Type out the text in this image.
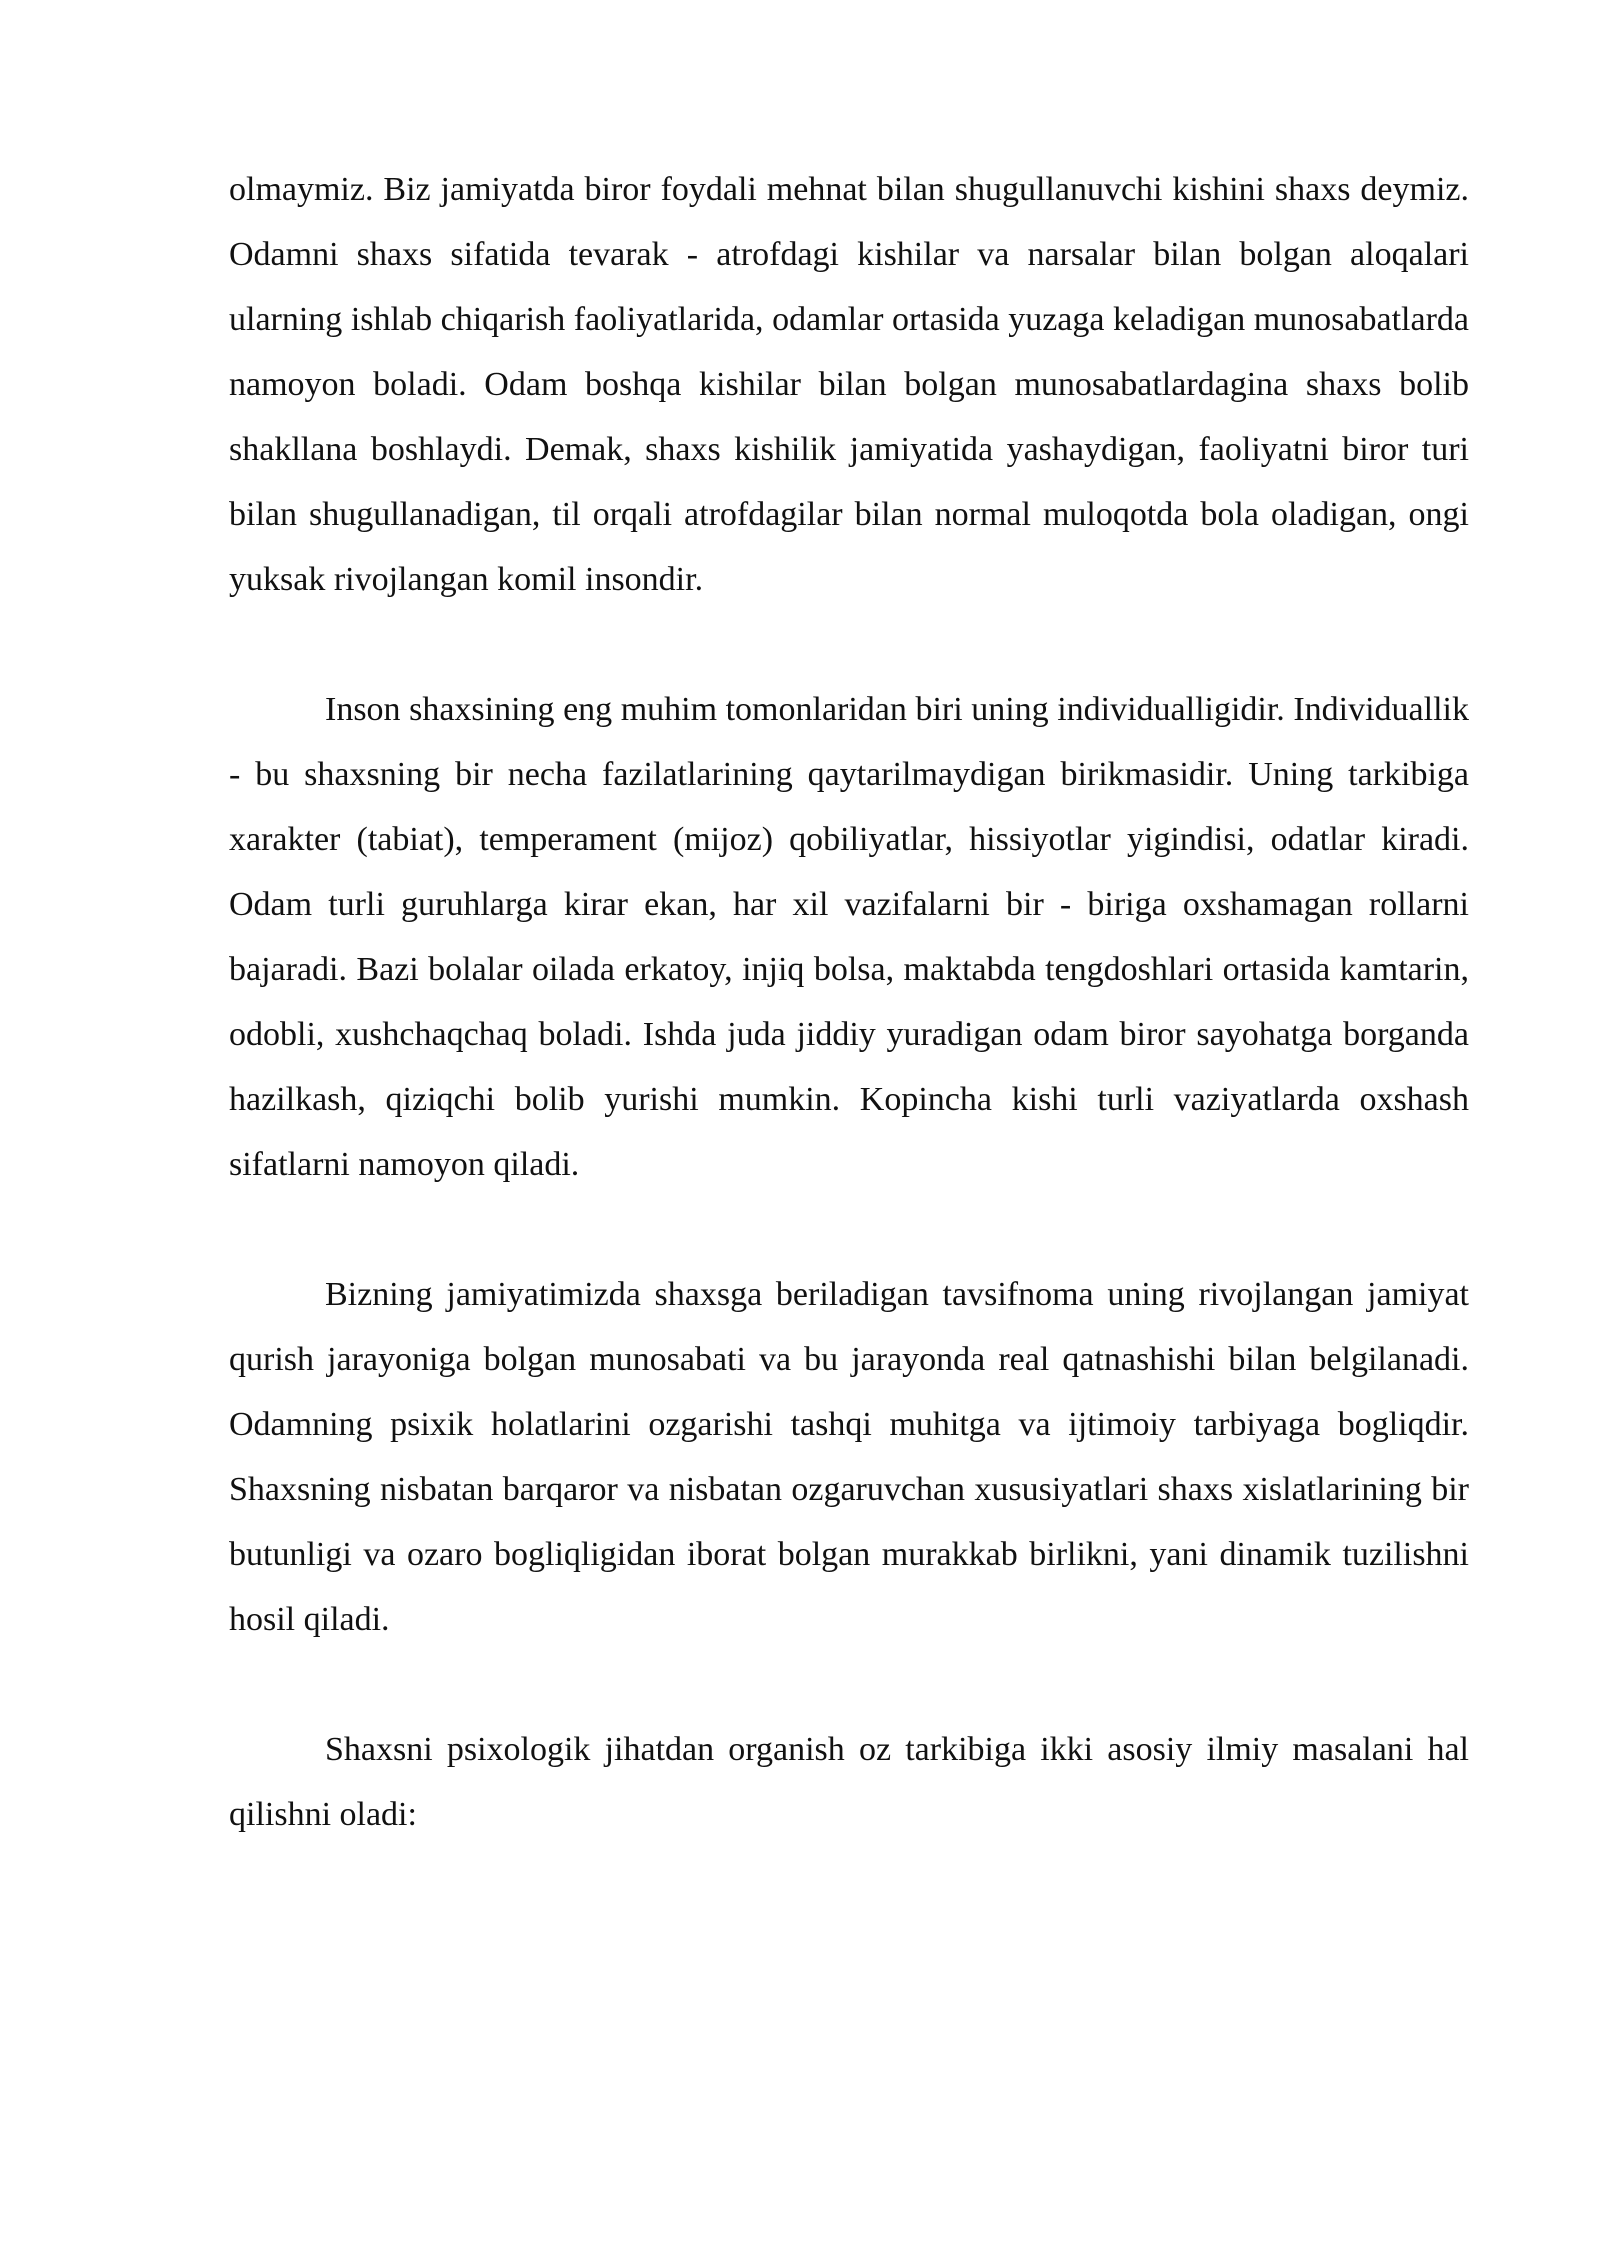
olmaymiz. Biz jamiyatda biror foydali mehnat bilan shugullanuvchi kishini shaxs deymiz. Odamni shaxs sifatida tevarak - atrofdagi kishilar va narsalar bilan bolgan aloqalari ularning ishlab chiqarish faoliyatlarida, odamlar ortasida yuzaga keladigan munosabatlarda namoyon boladi. Odam boshqa kishilar bilan bolgan munosabatlardagina shaxs bolib shakllana boshlaydi. Demak, shaxs kishilik jamiyatida yashaydigan, faoliyatni biror turi bilan shugullanadigan, til orqali atrofdagilar bilan normal muloqotda bola oladigan, ongi yuksak rivojlangan komil insondir.

Inson shaxsining eng muhim tomonlaridan biri uning individualligidir. Individuallik - bu shaxsning bir necha fazilatlarining qaytarilmaydigan birikmasidir. Uning tarkibiga xarakter (tabiat), temperament (mijoz) qobiliyatlar, hissiyotlar yigindisi, odatlar kiradi. Odam turli guruhlarga kirar ekan, har xil vazifalarni bir - biriga oxshamagan rollarni bajaradi. Bazi bolalar oilada erkatoy, injiq bolsa, maktabda tengdoshlari ortasida kamtarin, odobli, xushchaqchaq boladi. Ishda juda jiddiy yuradigan odam biror sayohatga borganda hazilkash, qiziqchi bolib yurishi mumkin. Kopincha kishi turli vaziyatlarda oxshash sifatlarni namoyon qiladi.

Bizning jamiyatimizda shaxsga beriladigan tavsifnoma uning rivojlangan jamiyat qurish jarayoniga bolgan munosabati va bu jarayonda real qatnashishi bilan belgilanadi. Odamning psixik holatlarini ozgarishi tashqi muhitga va ijtimoiy tarbiyaga bogliqdir. Shaxsning nisbatan barqaror va nisbatan ozgaruvchan xususiyatlari shaxs xislatlarining bir butunligi va ozaro bogliqligidan iborat bolgan murakkab birlikni, yani dinamik tuzilishni hosil qiladi.

Shaxsni psixologik jihatdan organish oz tarkibiga ikki asosiy ilmiy masalani hal qilishni oladi:
